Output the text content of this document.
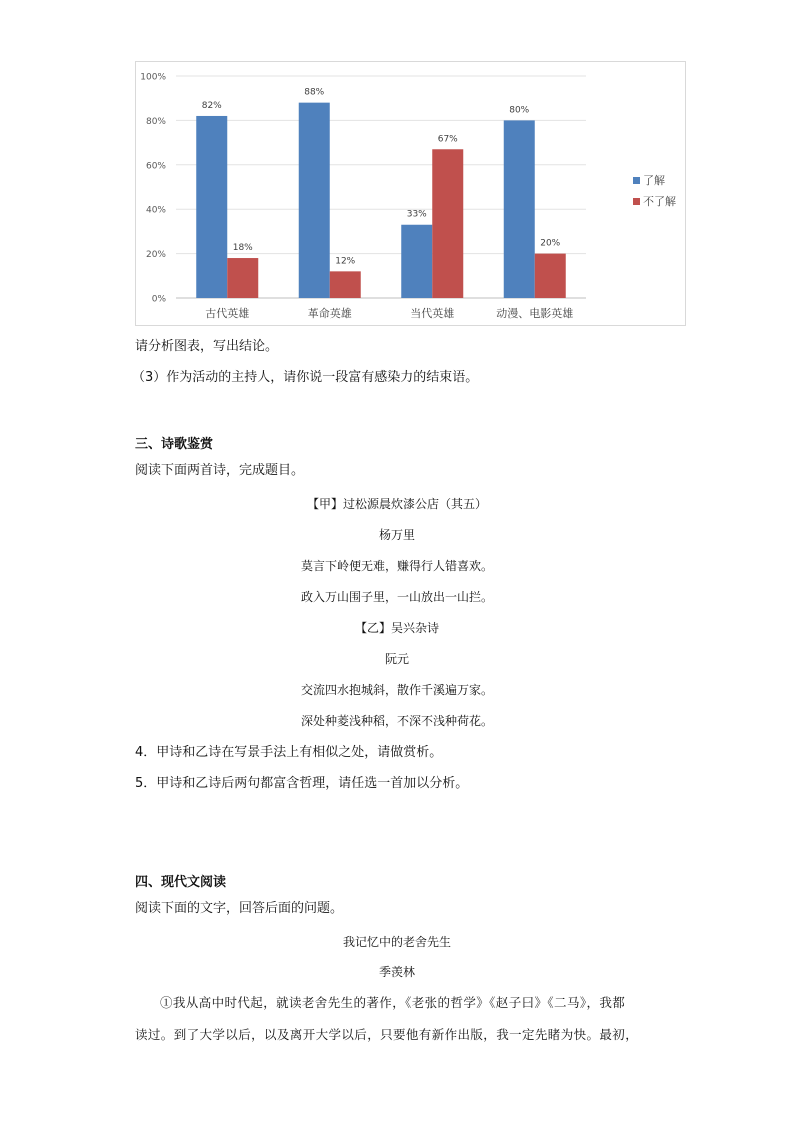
0%
20%
40%
60%
80%
100%
82%
18%
古代英雄
88%
12%
革命英雄
33%
67%
当代英雄
80%
20%
动漫、电影英雄
了解
不了解
请分析图表，写出结论。
（3）作为活动的主持人，请你说一段富有感染力的结束语。
三、诗歌鉴赏
阅读下面两首诗，完成题目。
【甲】过松源晨炊漆公店（其五）
杨万里
莫言下岭便无难，赚得行人错喜欢。
政入万山围子里，一山放出一山拦。
【乙】吴兴杂诗
阮元
交流四水抱城斜，散作千溪遍万家。
深处种菱浅种稻，不深不浅种荷花。
4．甲诗和乙诗在写景手法上有相似之处，请做赏析。
5．甲诗和乙诗后两句都富含哲理，请任选一首加以分析。
四、现代文阅读
阅读下面的文字，回答后面的问题。
我记忆中的老舍先生
季羡林
①我从高中时代起，就读老舍先生的著作，《老张的哲学》《赵子曰》《二马》，我都
读过。到了大学以后，以及离开大学以后，只要他有新作出版，我一定先睹为快。最初，
